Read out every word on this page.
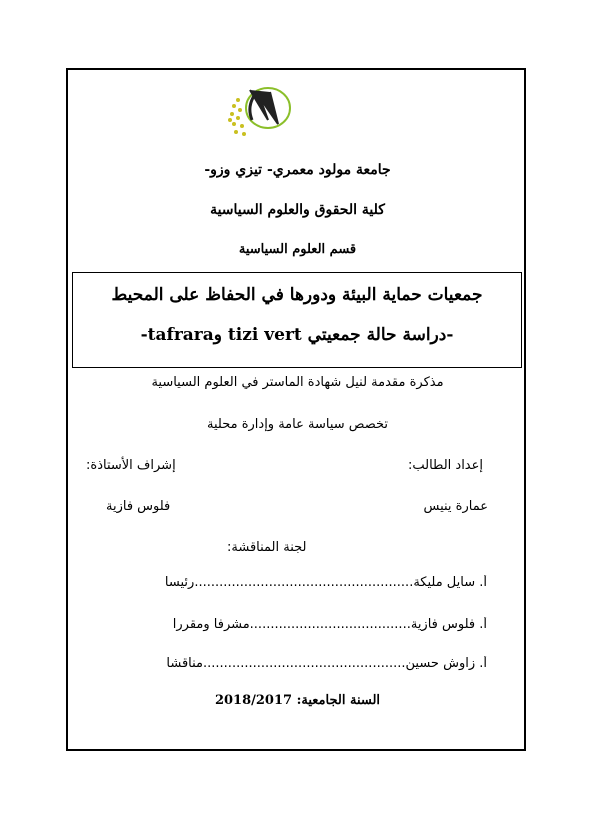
جامعة مولود معمري- تيزي وزو-
كلية الحقوق والعلوم السياسية
قسم العلوم السياسية
جمعيات حماية البيئة ودورها في الحفاظ على المحيط
-دراسة حالة جمعيتي tizi vert وtafrara-
مذكرة مقدمة لنيل شهادة الماستر في العلوم السياسية
تخصص سياسة عامة وإدارة محلية
إعداد الطالب:
إشراف الأستاذة:
عمارة ينيس
فلوس فازية
لجنة المناقشة:
أ. سايل مليكة.....................................................رئيسا
أ. فلوس فازية.......................................مشرفا ومقررا
أ. زاوش حسين.................................................مناقشا
السنة الجامعية: 2018/2017
